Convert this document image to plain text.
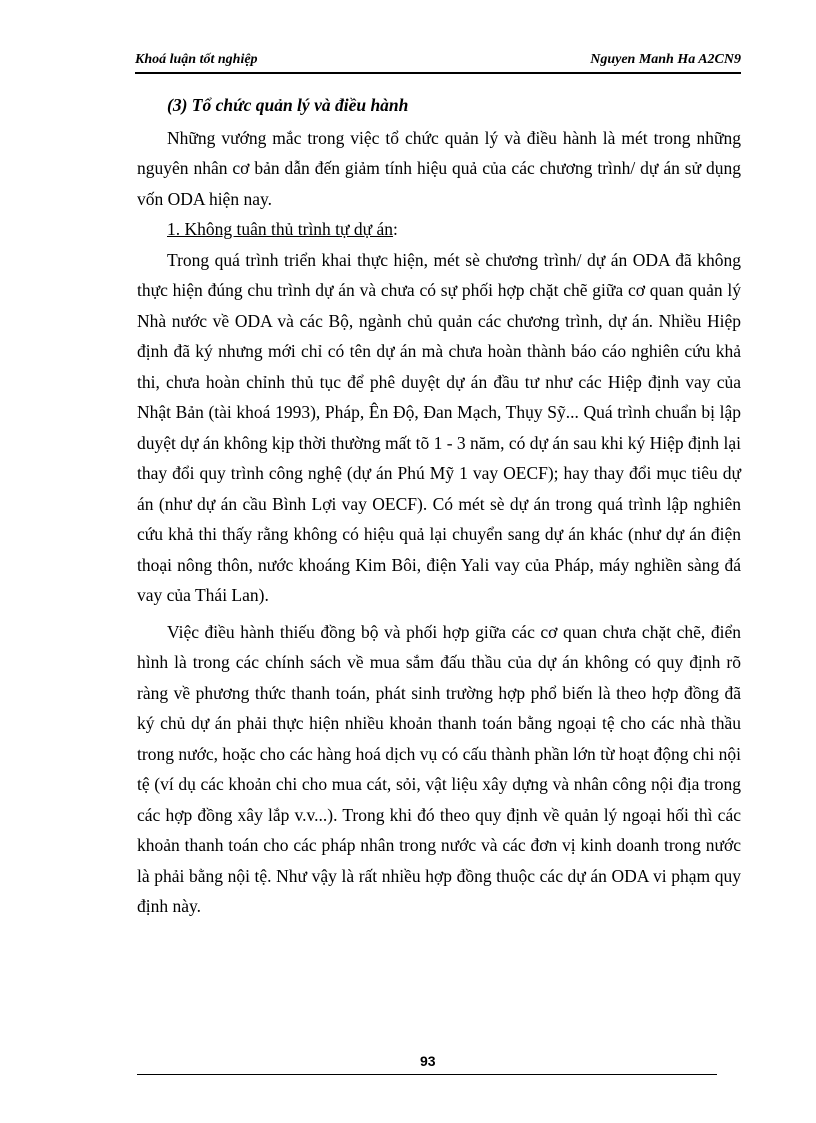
Khoá luận tốt nghiệp	Nguyen Manh Ha A2CN9

(3) Tổ chức quản lý và điều hành

Những vướng mắc trong việc tổ chức quản lý và điều hành là mét trong những nguyên nhân cơ bản dẫn đến giảm tính hiệu quả của các chương trình/ dự án sử dụng vốn ODA hiện nay.

1. Không tuân thủ trình tự dự án:

Trong quá trình triển khai thực hiện, mét sè chương trình/ dự án ODA đã không thực hiện đúng chu trình dự án và chưa có sự phối hợp chặt chẽ giữa cơ quan quản lý Nhà nước về ODA và các Bộ, ngành chủ quản các chương trình, dự án. Nhiều Hiệp định đã ký nhưng mới chỉ có tên dự án mà chưa hoàn thành báo cáo nghiên cứu khả thi, chưa hoàn chỉnh thủ tục để phê duyệt dự án đầu tư như các Hiệp định vay của Nhật Bản (tài khoá 1993), Pháp, Ên Độ, Đan Mạch, Thụy Sỹ... Quá trình chuẩn bị lập duyệt dự án không kịp thời thường mất tõ 1 - 3 năm, có dự án sau khi ký Hiệp định lại thay đổi quy trình công nghệ (dự án Phú Mỹ 1 vay OECF); hay thay đổi mục tiêu dự án (như dự án cầu Bình Lợi vay OECF). Có mét sè dự án trong quá trình lập nghiên cứu khả thi thấy rằng không có hiệu quả lại chuyển sang dự án khác (như dự án điện thoại nông thôn, nước khoáng Kim Bôi, điện Yali vay của Pháp, máy nghiền sàng đá vay của Thái Lan).

Việc điều hành thiếu đồng bộ và phối hợp giữa các cơ quan chưa chặt chẽ, điển hình là trong các chính sách về mua sắm đấu thầu của dự án không có quy định rõ ràng về phương thức thanh toán, phát sinh trường hợp phổ biến là theo hợp đồng đã ký chủ dự án phải thực hiện nhiều khoản thanh toán bằng ngoại tệ cho các nhà thầu trong nước, hoặc cho các hàng hoá dịch vụ có cấu thành phần lớn từ hoạt động chi nội tệ (ví dụ các khoản chi cho mua cát, sỏi, vật liệu xây dựng và nhân công nội địa trong các hợp đồng xây lắp v.v...). Trong khi đó theo quy định về quản lý ngoại hối thì các khoản thanh toán cho các pháp nhân trong nước và các đơn vị kinh doanh trong nước là phải bằng nội tệ. Như vậy là rất nhiều hợp đồng thuộc các dự án ODA vi phạm quy định này.

93
